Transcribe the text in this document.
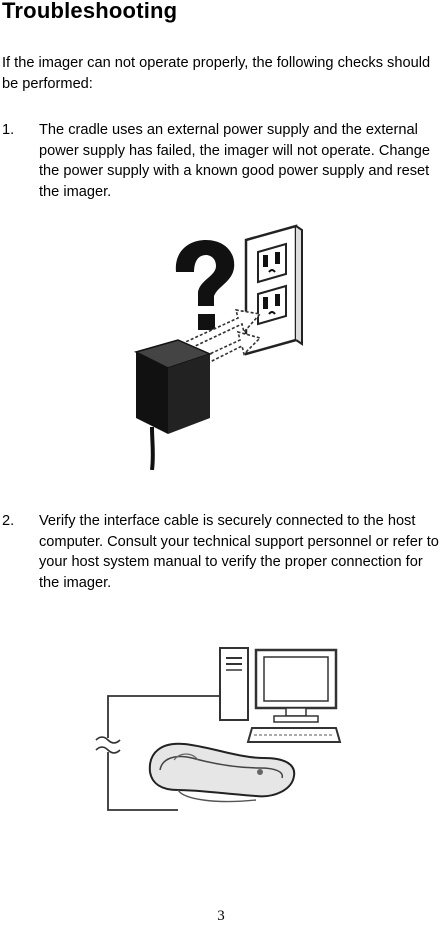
Troubleshooting
If the imager can not operate properly, the following checks should be performed:
1. The cradle uses an external power supply and the external power supply has failed, the imager will not operate. Change the power supply with a known good power supply and reset the imager.
2. Verify the interface cable is securely connected to the host computer. Consult your technical support personnel or refer to your host system manual to verify the proper connection for the imager.
3
